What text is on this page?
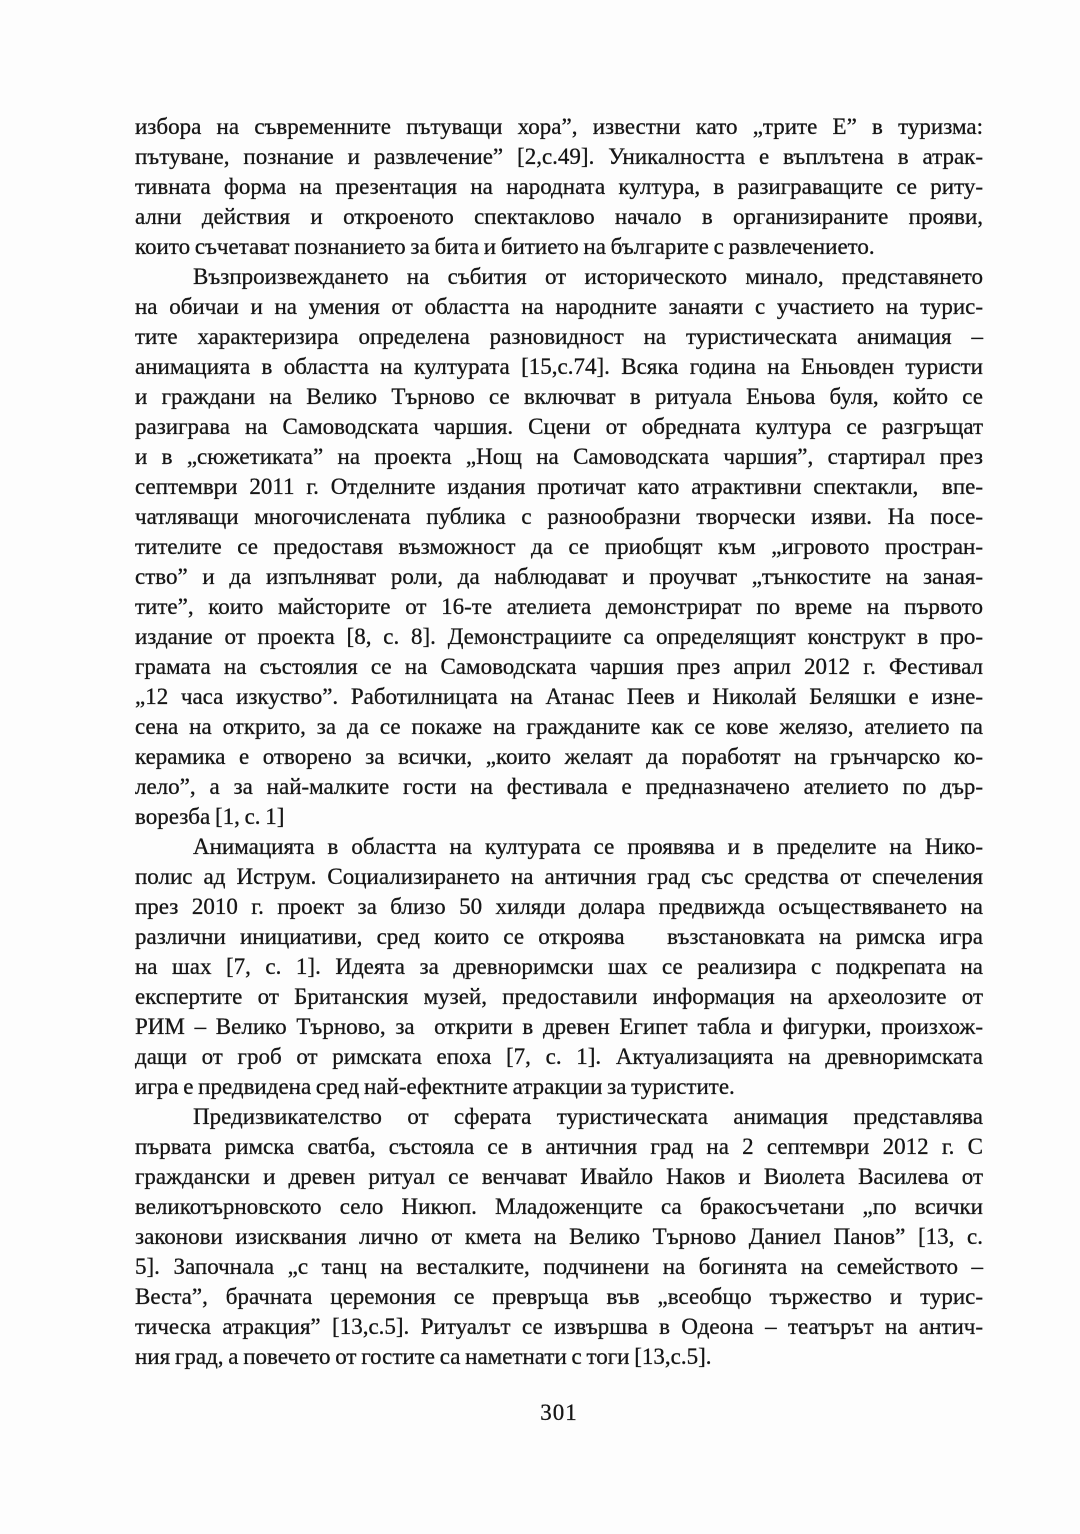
избора на съвременните пътуващи хора”, известни като „трите Е” в туризма:
пътуване, познание и развлечение” [2,с.49]. Уникалността е въплътена в атрак-
тивната форма на презентация на народната култура, в разиграващите се риту-
ални действия и откроеното спектаклово начало в организираните прояви,
които съчетават познанието за бита и битието на българите с развлечението.
Възпроизвеждането на събития от историческото минало, представянето
на обичаи и на умения от областта на народните занаяти с участието на турис-
тите характеризира определена разновидност на туристическата анимация –
анимацията в областта на културата [15,с.74]. Всяка година на Еньовден туристи
и граждани на Велико Търново се включват в ритуала Еньова буля, който се
разиграва на Самоводската чаршия. Сцени от обредната култура се разгръщат
и в „сюжетиката” на проекта „Нощ на Самоводската чаршия”, стартирал през
септември 2011 г. Отделните издания протичат като атрактивни спектакли,  впе-
чатляващи многочислената публика с разнообразни творчески изяви. На посе-
тителите се предоставя възможност да се приобщят към „игровото простран-
ство” и да изпълняват роли, да наблюдават и проучват „тънкостите на заная-
тите”, които майсторите от 16-те ателиета демонстрират по време на първото
издание от проекта [8, с. 8]. Демонстрациите са определящият конструкт в про-
грамата на състоялия се на Самоводската чаршия през април 2012 г. Фестивал
„12 часа изкуство”. Работилницата на Атанас Пеев и Николай Беляшки е изне-
сена на открито, за да се покаже на гражданите как се кове желязо, ателието па
керамика е отворено за всички, „които желаят да поработят на грънчарско ко-
лело”, а за най-малките гости на фестивала е предназначено ателието по дър-
ворезба [1, с. 1]
Анимацията в областта на културата се проявява и в пределите на Нико-
полис ад Иструм. Социализирането на античния град със средства от спечеления
през 2010 г. проект за близо 50 хиляди долара предвижда осъществяването на
различни инициативи, сред които се откроява   възстановката на римска игра
на шах [7, с. 1]. Идеята за древноримски шах се реализира с подкрепата на
експертите от Британския музей, предоставили информация на археолозите от
РИМ – Велико Търново, за  открити в древен Египет табла и фигурки, произхож-
дащи от гроб от римската епоха [7, с. 1]. Актуализацията на древноримската
игра е предвидена сред най-ефектните атракции за туристите.
Предизвикателство от сферата туристическата анимация представлява
първата римска сватба, състояла се в античния град на 2 септември 2012 г. С
граждански и древен ритуал се венчават Ивайло Наков и Виолета Василева от
великотърновското село Никюп. Младоженците са бракосъчетани „по всички
законови изисквания лично от кмета на Велико Търново Даниел Панов” [13, с.
5]. Започнала „с танц на весталките, подчинени на богинята на семейството –
Веста”, брачната церемония се превръща във „всеобщо тържество и турис-
тическа атракция” [13,с.5]. Ритуалът се извършва в Одеона – театърът на антич-
ния град, а повечето от гостите са наметнати с тоги [13,с.5].
301
